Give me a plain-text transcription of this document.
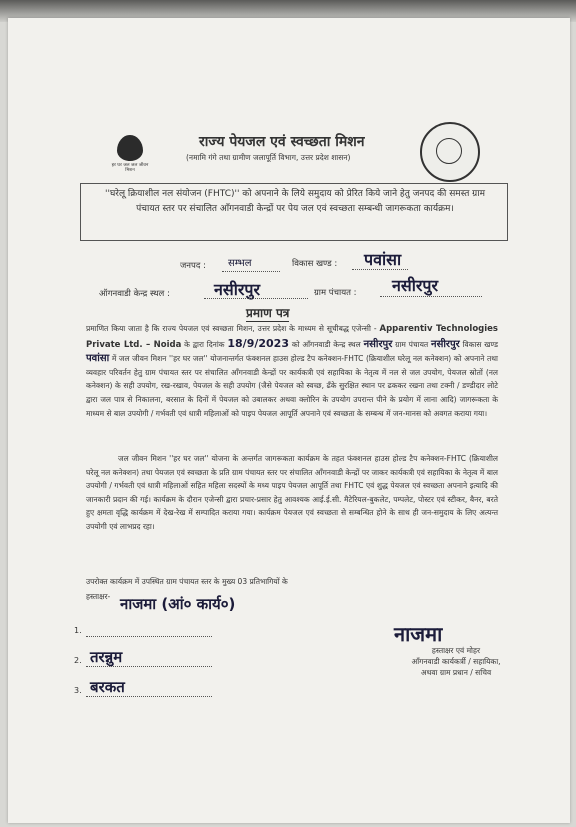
हर घर जल जल जीवन मिशन
राज्य पेयजल एवं स्वच्छता मिशन
(नमामि गंगे तथा ग्रामीण जलापूर्ति विभाग, उत्तर प्रदेश शासन)
''घरेलू क्रियाशील नल संयोजन (FHTC)'' को अपनाने के लिये समुदाय को प्रेरित किये जाने हेतु जनपद की समस्त ग्राम पंचायत स्तर पर संचालित आँगनवाडी केन्द्रों पर पेय जल एवं स्वच्छता सम्बन्धी जागरूकता कार्यक्रम।
जनपद : सम्भल	विकास खण्ड : पवांसा
ऑगनवाडी केन्द्र स्थल :	नसीरपुर	ग्राम पंचायत : नसीरपुर
प्रमाण पत्र
प्रमाणित किया जाता है कि राज्य पेयजल एवं स्वच्छता मिशन, उत्तर प्रदेश के माध्यम से सूचीबद्ध एजेन्सी - Apparentiv Technologies Private Ltd. – Noida के द्वारा दिनांक 18/9/2023 को आँगनवाडी केन्द्र स्थल नसीरपुर ग्राम पंचायत नसीरपुर विकास खण्ड पवांसा में जल जीवन मिशन ''हर घर जल'' योजनान्तर्गत फंक्शनल हाउस होल्ड टैप कनेक्शन-FHTC (क्रियाशील घरेलू नल कनेक्शन) को अपनाने तथा व्यवहार परिवर्तन हेतु ग्राम पंचायत स्तर पर संचालित आँगनवाडी केन्द्रों पर कार्यकत्री एवं सहायिका के नेतृत्व में नल से जल उपयोग, पेयजल स्रोतों (नल कनेक्शन) के सही उपयोग, रख-रखाव, पेयजल के सही उपयोग (जैसे पेयजल को स्वच्छ, ढँके सुरक्षित स्थान पर ढककर रखना तथा टक्नी / डण्डीदार लोटे द्वारा जल पात्र से निकालना, बरसात के दिनों में पेयजल को उबालकर अथवा क्लोरिन के उपयोग उपरान्त पीने के प्रयोग में लाना आदि) जागरूकता के माध्यम से बाल उपयोगी / गर्भवती एवं धात्री महिलाओं को पाइप पेयजल आपूर्ति अपनाने एवं स्वच्छता के सम्बन्ध में जन-मानस को अवगत कराया गया।
जल जीवन मिशन ''हर घर जल'' योजना के अन्तर्गत जागरूकता कार्यक्रम के तहत फंक्शनल हाउस होल्ड टैप कनेक्शन-FHTC (क्रियाशील घरेलू नल कनेक्शन) तथा पेयजल एवं स्वच्छता के प्रति ग्राम पंचायत स्तर पर संचालित आँगनवाडी केन्द्रों पर जाकर कार्यकत्री एवं सहायिका के नेतृत्व में बाल उपयोगी / गर्भवती एवं धात्री महिलाओं सहित महिला सदस्यों के मध्य पाइप पेयजल आपूर्ति तथा FHTC एवं शुद्ध पेयजल एवं स्वच्छता अपनाने इत्यादि की जानकारी प्रदान की गई। कार्यक्रम के दौरान एजेन्सी द्वारा प्रचार-प्रसार हेतु आवश्यक आई.ई.सी. मैटेरियल-बुकलेट, पम्पलेट, पोस्टर एवं स्टीकर, बैनर, बरते हुए क्षमता वृद्धि कार्यक्रम में देख-रेख में सम्पादित कराया गया। कार्यक्रम पेयजल एवं स्वच्छता से सम्बन्धित होने के साथ ही जन-समुदाय के लिए अत्यन्त उपयोगी एवं लाभप्रद रहा।
उपरोक्त कार्यक्रम में उपस्थित ग्राम पंचायत स्तर के मुख्य 03 प्रतिभागियों के
हस्ताक्षर- नाजमा (आं० कार्य०)
1.
2. तरन्नुम
3. बरकत
नाजमा
हस्ताक्षर एवं मोहर
आँगनवाडी कार्यकर्त्री / सहायिका,
अथवा ग्राम प्रधान / सचिव
